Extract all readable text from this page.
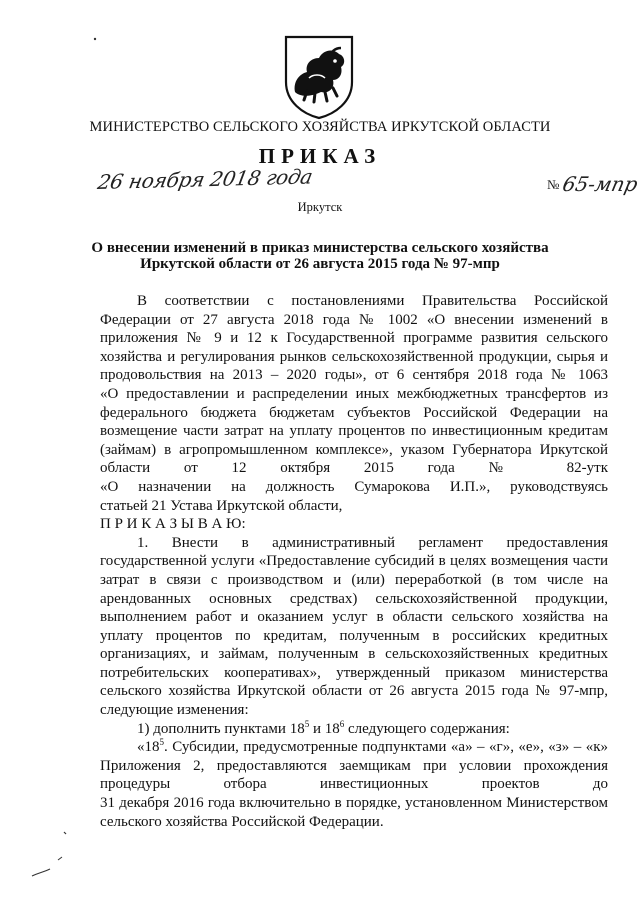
МИНИСТЕРСТВО СЕЛЬСКОГО ХОЗЯЙСТВА ИРКУТСКОЙ ОБЛАСТИ
ПРИКАЗ
26 ноября 2018 года	№ 65-мпр
Иркутск
О внесении изменений в приказ министерства сельского хозяйства
Иркутской области от 26 августа 2015 года № 97-мпр
В соответствии с постановлениями Правительства Российской
Федерации от 27 августа 2018 года № 1002 «О внесении изменений в
приложения № 9 и 12 к Государственной программе развития сельского
хозяйства и регулирования рынков сельскохозяйственной продукции, сырья и
продовольствия на 2013 – 2020 годы», от 6 сентября 2018 года № 1063
«О предоставлении и распределении иных межбюджетных трансфертов из
федерального бюджета бюджетам субъектов Российской Федерации на
возмещение части затрат на уплату процентов по инвестиционным кредитам
(займам) в агропромышленном комплексе», указом Губернатора Иркутской
области от 12 октября 2015 года № 82-утк
«О назначении на должность Сумарокова И.П.», руководствуясь
статьей 21 Устава Иркутской области,
П Р И К А З Ы В А Ю:
1. Внести в административный регламент предоставления
государственной услуги «Предоставление субсидий в целях возмещения части
затрат в связи с производством и (или) переработкой (в том числе на
арендованных основных средствах) сельскохозяйственной продукции,
выполнением работ и оказанием услуг в области сельского хозяйства на
уплату процентов по кредитам, полученным в российских кредитных
организациях, и займам, полученным в сельскохозяйственных кредитных
потребительских кооперативах», утвержденный приказом министерства
сельского хозяйства Иркутской области от 26 августа 2015 года № 97-мпр,
следующие изменения:
1) дополнить пунктами $18^5$ и $18^6$ следующего содержания:
«$18^5$. Субсидии, предусмотренные подпунктами «а» – «г», «е», «з» – «к»
Приложения 2, предоставляются заемщикам при условии прохождения
процедуры отбора инвестиционных проектов до
31 декабря 2016 года включительно в порядке, установленном Министерством
сельского хозяйства Российской Федерации.
